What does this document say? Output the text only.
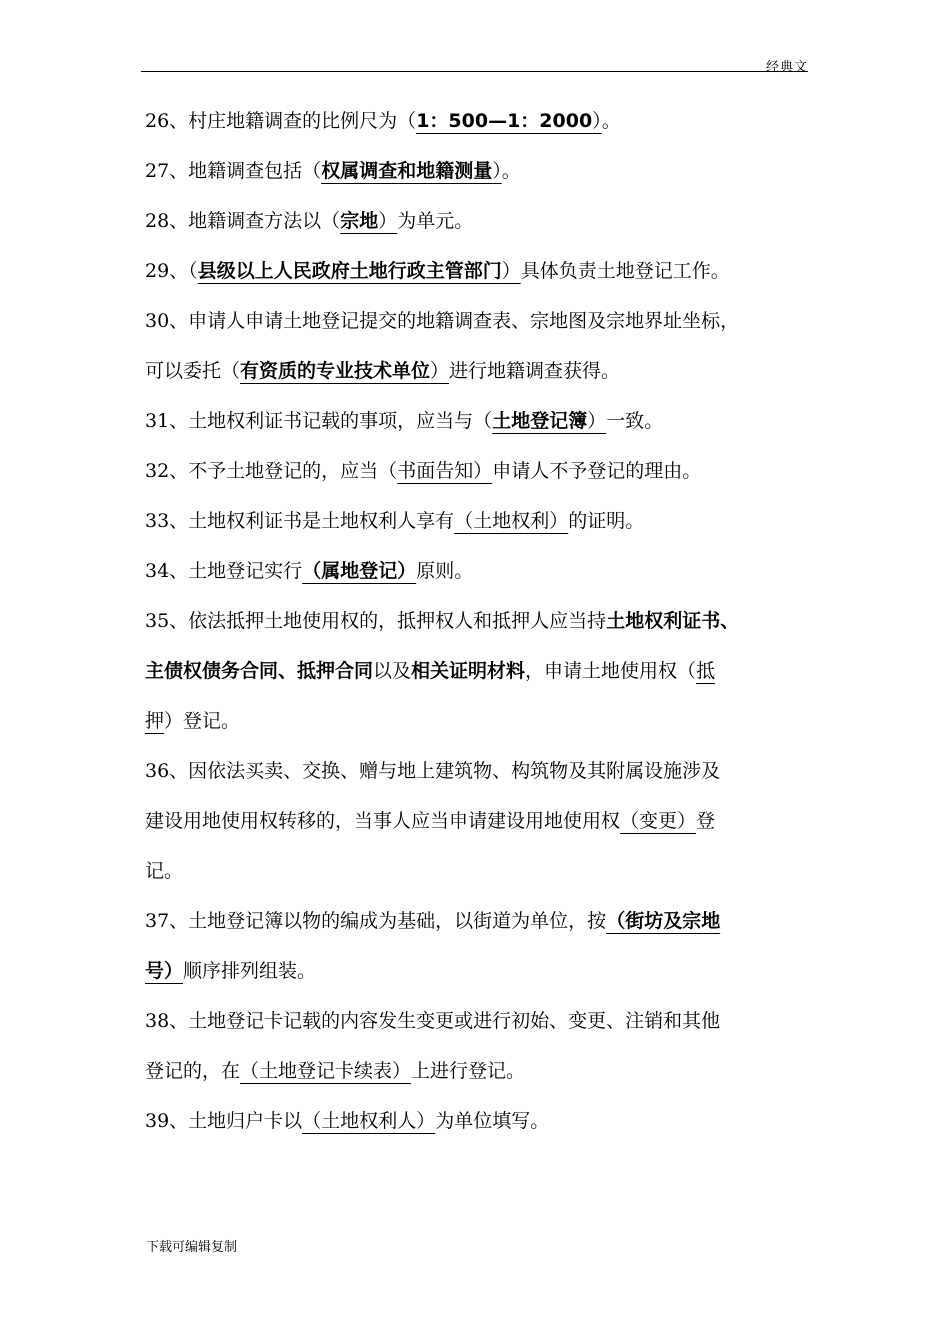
经典文
26、村庄地籍调查的比例尺为（1：500—1：2000）。
27、地籍调查包括（权属调查和地籍测量）。
28、地籍调查方法以（宗地）为单元。
29、（县级以上人民政府土地行政主管部门）具体负责土地登记工作。
30、申请人申请土地登记提交的地籍调查表、宗地图及宗地界址坐标，
可以委托（有资质的专业技术单位）进行地籍调查获得。
31、土地权利证书记载的事项，应当与（土地登记簿）一致。
32、不予土地登记的，应当（书面告知）申请人不予登记的理由。
33、土地权利证书是土地权利人享有（土地权利）的证明。
34、土地登记实行（属地登记）原则。
35、依法抵押土地使用权的，抵押权人和抵押人应当持土地权利证书、
主债权债务合同、抵押合同以及相关证明材料，申请土地使用权（抵
押）登记。
36、因依法买卖、交换、赠与地上建筑物、构筑物及其附属设施涉及
建设用地使用权转移的，当事人应当申请建设用地使用权（变更）登
记。
37、土地登记簿以物的编成为基础，以街道为单位，按（街坊及宗地
号）顺序排列组装。
38、土地登记卡记载的内容发生变更或进行初始、变更、注销和其他
登记的，在（土地登记卡续表）上进行登记。
39、土地归户卡以（土地权利人）为单位填写。
下载可编辑复制
